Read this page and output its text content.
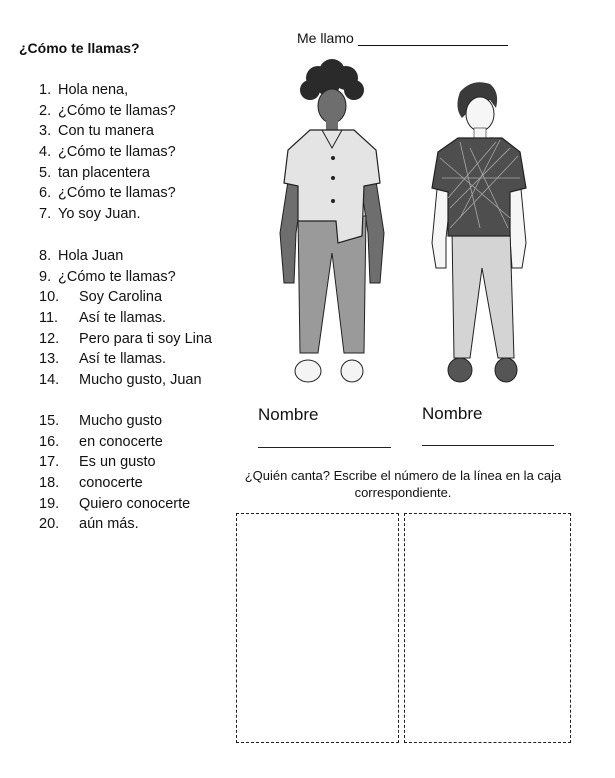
¿Cómo te llamas?
1. Hola nena,
2. ¿Cómo te llamas?
3. Con tu manera
4. ¿Cómo te llamas?
5. tan placentera
6. ¿Cómo te llamas?
7. Yo soy Juan.
8. Hola Juan
9. ¿Cómo te llamas?
10. Soy Carolina
11. Así te llamas.
12. Pero para ti soy Lina
13. Así te llamas.
14. Mucho gusto, Juan
15. Mucho gusto
16. en conocerte
17. Es un gusto
18. conocerte
19. Quiero conocerte
20. aún más.
Me llamo
Nombre	Nombre
¿Quién canta? Escribe el número de la línea en la caja correspondiente.
